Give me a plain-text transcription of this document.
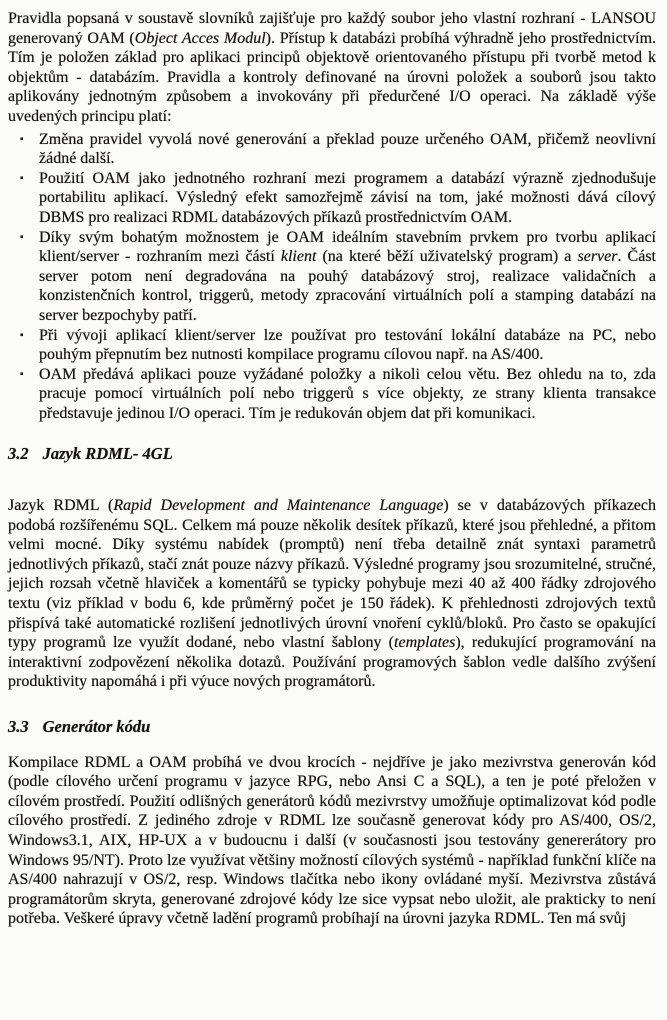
Pravidla popsaná v soustavě slovníků zajišťuje pro každý soubor jeho vlastní rozhraní - LANSOU generovaný OAM (Object Acces Modul). Přístup k databázi probíhá výhradně jeho prostřednictvím. Tím je položen základ pro aplikaci principů objektově orientovaného přístupu při tvorbě metod k objektům - databázím. Pravidla a kontroly definované na úrovni položek a souborů jsou takto aplikovány jednotným způsobem a invokovány při předurčené I/O operaci. Na základě výše uvedených principu platí:

▪ Změna pravidel vyvolá nové generování a překlad pouze určeného OAM, přičemž neovlivní žádné další.
▪ Použití OAM jako jednotného rozhraní mezi programem a databází výrazně zjednodušuje portabilitu aplikací. Výsledný efekt samozřejmě závisí na tom, jaké možnosti dává cílový DBMS pro realizaci RDML databázových příkazů prostřednictvím OAM.
▪ Díky svým bohatým možnostem je OAM ideálním stavebním prvkem pro tvorbu aplikací klient/server - rozhraním mezi částí klient (na které běží uživatelský program) a server. Část server potom není degradována na pouhý databázový stroj, realizace validačních a konzistenčních kontrol, triggerů, metody zpracování virtuálních polí a stamping databází na server bezpochyby patří.
▪ Při vývoji aplikací klient/server lze používat pro testování lokální databáze na PC, nebo pouhým přepnutím bez nutnosti kompilace programu cílovou např. na AS/400.
▪ OAM předává aplikaci pouze vyžádané položky a nikoli celou větu. Bez ohledu na to, zda pracuje pomocí virtuálních polí nebo triggerů s více objekty, ze strany klienta transakce představuje jedinou I/O operaci. Tím je redukován objem dat při komunikaci.
3.2 Jazyk RDML- 4GL

Jazyk RDML (Rapid Development and Maintenance Language) se v databázových příkazech podobá rozšířenému SQL. Celkem má pouze několik desítek příkazů, které jsou přehledné, a přitom velmi mocné. Díky systému nabídek (promptů) není třeba detailně znát syntaxi parametrů jednotlivých příkazů, stačí znát pouze názvy příkazů. Výsledné programy jsou srozumitelné, stručné, jejich rozsah včetně hlaviček a komentářů se typicky pohybuje mezi 40 až 400 řádky zdrojového textu (viz příklad v bodu 6, kde průměrný počet je 150 řádek). K přehlednosti zdrojových textů přispívá také automatické rozlišení jednotlivých úrovní vnoření cyklů/bloků. Pro často se opakující typy programů lze využít dodané, nebo vlastní šablony (templates), redukující programování na interaktivní zodpovězení několika dotazů. Používání programových šablon vedle dalšího zvýšení produktivity napomáhá i při výuce nových programátorů.

3.3 Generátor kódu

Kompilace RDML a OAM probíhá ve dvou krocích - nejdříve je jako mezivrstva generován kód (podle cílového určení programu v jazyce RPG, nebo Ansi C a SQL), a ten je poté přeložen v cílovém prostředí. Použití odlišných generátorů kódů mezivrstvy umožňuje optimalizovat kód podle cílového prostředí. Z jediného zdroje v RDML lze současně generovat kódy pro AS/400, OS/2, Windows3.1, AIX, HP-UX a v budoucnu i další (v současnosti jsou testovány genererátory pro Windows 95/NT). Proto lze využívat většiny možností cílových systémů - například funkční klíče na AS/400 nahrazují v OS/2, resp. Windows tlačítka nebo ikony ovládané myší. Mezivrstva zůstává programátorům skryta, generované zdrojové kódy lze sice vypsat nebo uložit, ale prakticky to není potřeba. Veškeré úpravy včetně ladění programů probíhají na úrovni jazyka RDML. Ten má svůj
